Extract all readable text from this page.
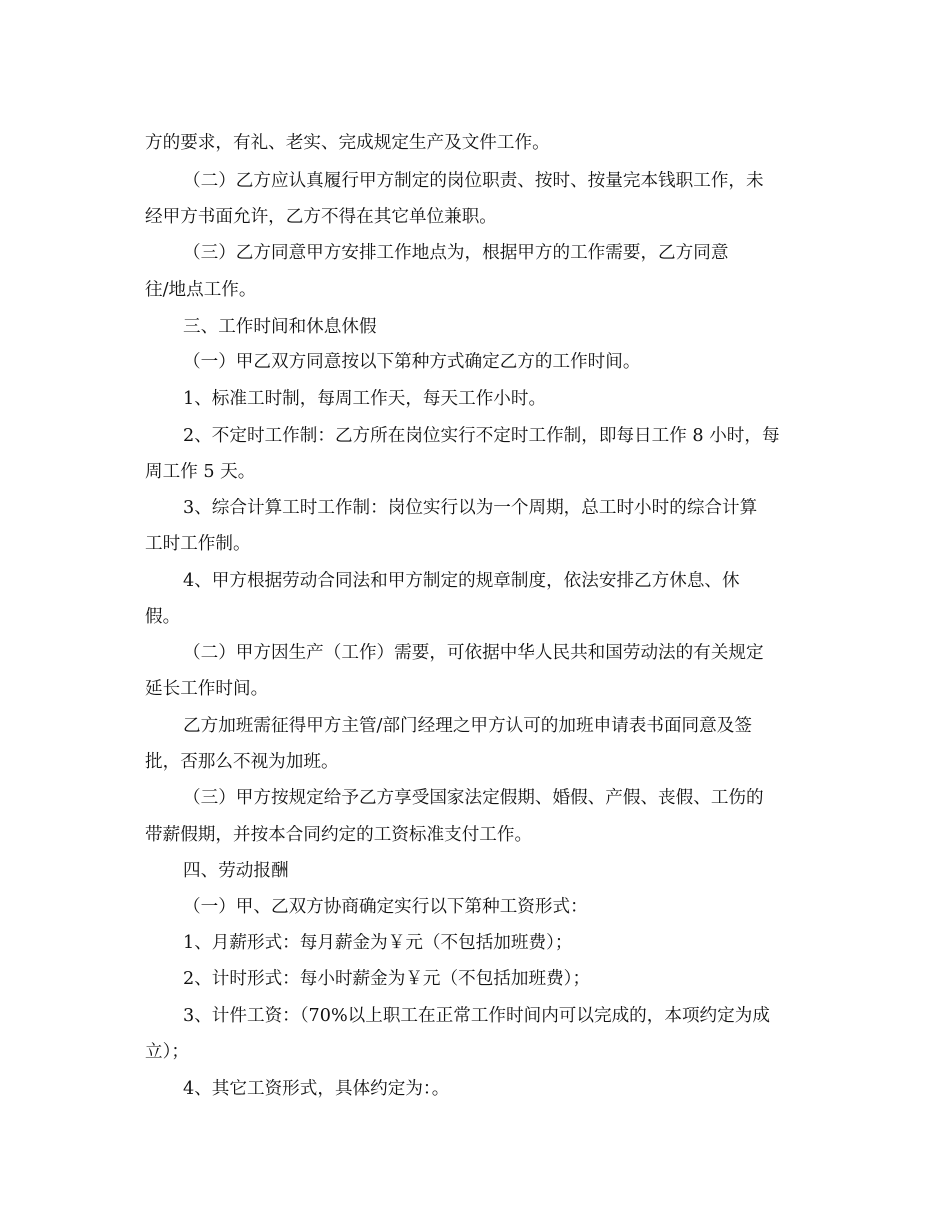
方的要求，有礼、老实、完成规定生产及文件工作。
（二）乙方应认真履行甲方制定的岗位职责、按时、按量完本钱职工作，未
经甲方书面允许，乙方不得在其它单位兼职。
（三）乙方同意甲方安排工作地点为，根据甲方的工作需要，乙方同意
往/地点工作。
三、工作时间和休息休假
（一）甲乙双方同意按以下第种方式确定乙方的工作时间。
1、标准工时制，每周工作天，每天工作小时。
2、不定时工作制：乙方所在岗位实行不定时工作制，即每日工作 8 小时，每
周工作 5 天。
3、综合计算工时工作制：岗位实行以为一个周期，总工时小时的综合计算
工时工作制。
4、甲方根据劳动合同法和甲方制定的规章制度，依法安排乙方休息、休
假。
（二）甲方因生产（工作）需要，可依据中华人民共和国劳动法的有关规定
延长工作时间。
乙方加班需征得甲方主管/部门经理之甲方认可的加班申请表书面同意及签
批，否那么不视为加班。
（三）甲方按规定给予乙方享受国家法定假期、婚假、产假、丧假、工伤的
带薪假期，并按本合同约定的工资标准支付工作。
四、劳动报酬
（一）甲、乙双方协商确定实行以下第种工资形式：
1、月薪形式：每月薪金为￥元（不包括加班费）；
2、计时形式：每小时薪金为￥元（不包括加班费）；
3、计件工资：（70%以上职工在正常工作时间内可以完成的，本项约定为成
立）；
4、其它工资形式，具体约定为：。
